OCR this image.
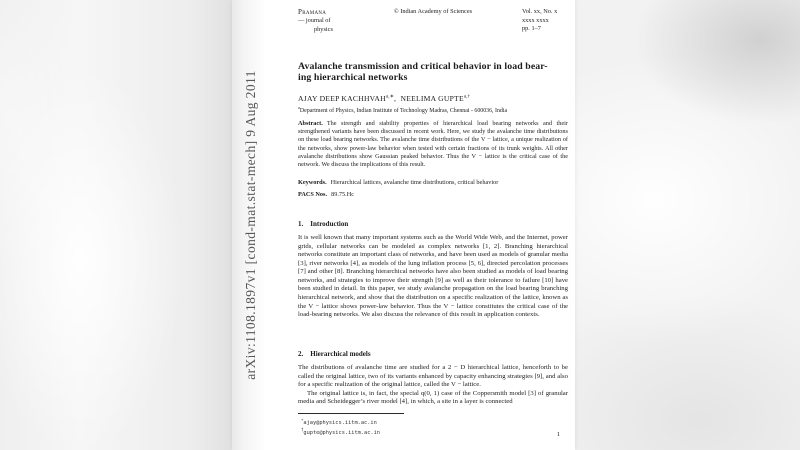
arXiv:1108.1897v1 [cond-mat.stat-mech] 9 Aug 2011
Pramana
— journal of
physics
© Indian Academy of Sciences	Vol. xx, No. x
xxxx xxxx
pp. 1–7
Avalanche transmission and critical behavior in load bear-
ing hierarchical networks
AJAY DEEP $KACHHVAH^{a,∗}$,  NEELIMA $GUPTE^{a,\dagger}$
$^a$Department of Physics, Indian Institute of Technology Madras, Chennai - 600036, India
Abstract. The strength and stability properties of hierarchical load bearing networks and their strengthened variants have been discussed in recent work. Here, we study the avalanche time distributions on these load bearing networks. The avalanche time distributions of the V − lattice, a unique realization of the networks, show power-law behavior when tested with certain fractions of its trunk weights. All other avalanche distributions show Gaussian peaked behavior. Thus the V − lattice is the critical case of the network. We discuss the implications of this result.
Keywords. Hierarchical lattices, avalanche time distributions, critical behavior
PACS Nos. 89.75.Hc
1. Introduction
It is well known that many important systems such as the World Wide Web, and the Internet, power grids, cellular networks can be modeled as complex networks [1, 2]. Branching hierarchical networks constitute an important class of networks, and have been used as models of granular media [3], river networks [4], as models of the lung inflation process [5, 6], directed percolation processes [7] and other [8]. Branching hierarchical networks have also been studied as models of load bearing networks, and strategies to improve their strength [9] as well as their tolerance to failure [10] have been studied in detail. In this paper, we study avalanche propagation on the load bearing branching hierarchical network, and show that the distribution on a specific realization of the lattice, known as the V − lattice shows power-law behavior. Thus the V − lattice constitutes the critical case of the load-bearing networks. We also discuss the relevance of this result in application contexts.
2. Hierarchical models
The distributions of avalanche time are studied for a 2 − D hierarchical lattice, henceforth to be called the original lattice, two of its variants enhanced by capacity enhancing strategies [9], and also for a specific realization of the original lattice, called the V − lattice.
The original lattice is, in fact, the special q(0, 1) case of the Coppersmith model [3] of granular media and Scheidegger’s river model [4], in which, a site in a layer is connected
∗ajay@physics.iitm.ac.in
†gupte@physics.iitm.ac.in	1
